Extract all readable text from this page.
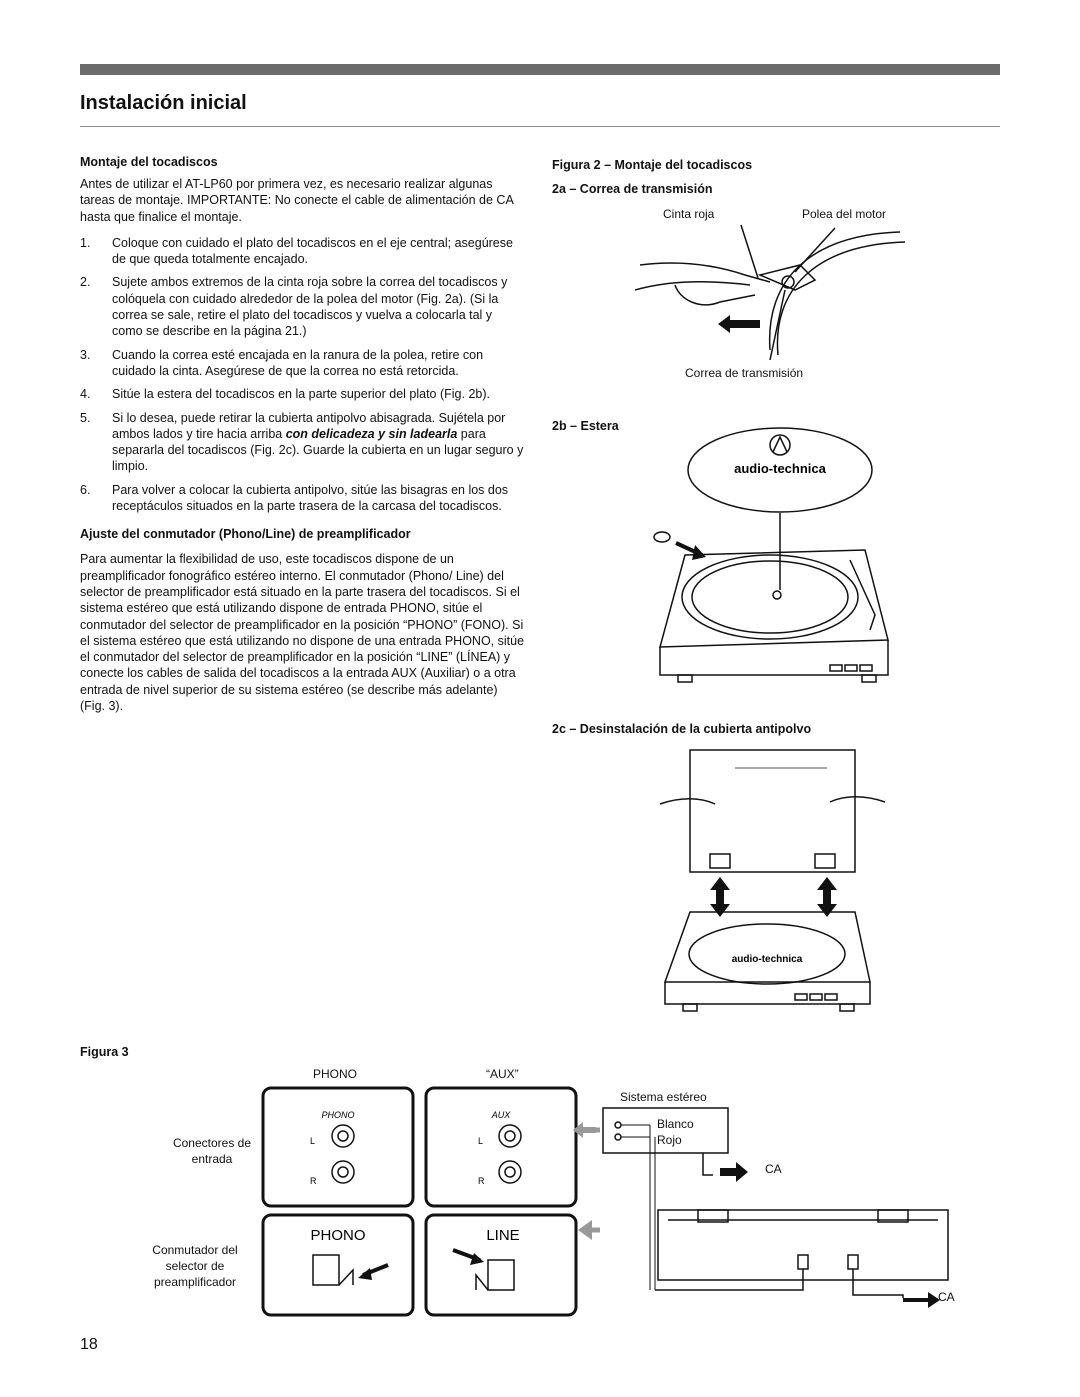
Instalación inicial
Montaje del tocadiscos
Antes de utilizar el AT-LP60 por primera vez, es necesario realizar algunas tareas de montaje. IMPORTANTE: No conecte el cable de alimentación de CA hasta que finalice el montaje.
1. Coloque con cuidado el plato del tocadiscos en el eje central; asegúrese de que queda totalmente encajado.
2. Sujete ambos extremos de la cinta roja sobre la correa del tocadiscos y colóquela con cuidado alrededor de la polea del motor (Fig. 2a). (Si la correa se sale, retire el plato del tocadiscos y vuelva a colocarla tal y como se describe en la página 21.)
3. Cuando la correa esté encajada en la ranura de la polea, retire con cuidado la cinta. Asegúrese de que la correa no está retorcida.
4. Sitúe la estera del tocadiscos en la parte superior del plato (Fig. 2b).
5. Si lo desea, puede retirar la cubierta antipolvo abisagrada. Sujétela por ambos lados y tire hacia arriba con delicadeza y sin ladearla para separarla del tocadiscos (Fig. 2c). Guarde la cubierta en un lugar seguro y limpio.
6. Para volver a colocar la cubierta antipolvo, sitúe las bisagras en los dos receptáculos situados en la parte trasera de la carcasa del tocadiscos.
Ajuste del conmutador (Phono/Line) de preamplificador
Para aumentar la flexibilidad de uso, este tocadiscos dispone de un preamplificador fonográfico estéreo interno. El conmutador (Phono/ Line) del selector de preamplificador está situado en la parte trasera del tocadiscos. Si el sistema estéreo que está utilizando dispone de entrada PHONO, sitúe el conmutador del selector de preamplificador en la posición “PHONO” (FONO). Si el sistema estéreo que está utilizando no dispone de una entrada PHONO, sitúe el conmutador del selector de preamplificador en la posición “LINE” (LÍNEA) y conecte los cables de salida del tocadiscos a la entrada AUX (Auxiliar) o a otra entrada de nivel superior de su sistema estéreo (se describe más adelante) (Fig. 3).
Figura 2 – Montaje del tocadiscos
2a – Correa de transmisión
Cinta roja	Polea del motor
Correa de transmisión
2b – Estera
2c – Desinstalación de la cubierta antipolvo
audio-technica
audio-technica
Figura 3
PHONO	“AUX”
Sistema estéreo
Blanco
Rojo
CA
CA
Conectores de entrada
Conmutador del selector de preamplificador
PHONO
L
R
AUX
L
R
PHONO	LINE
18
